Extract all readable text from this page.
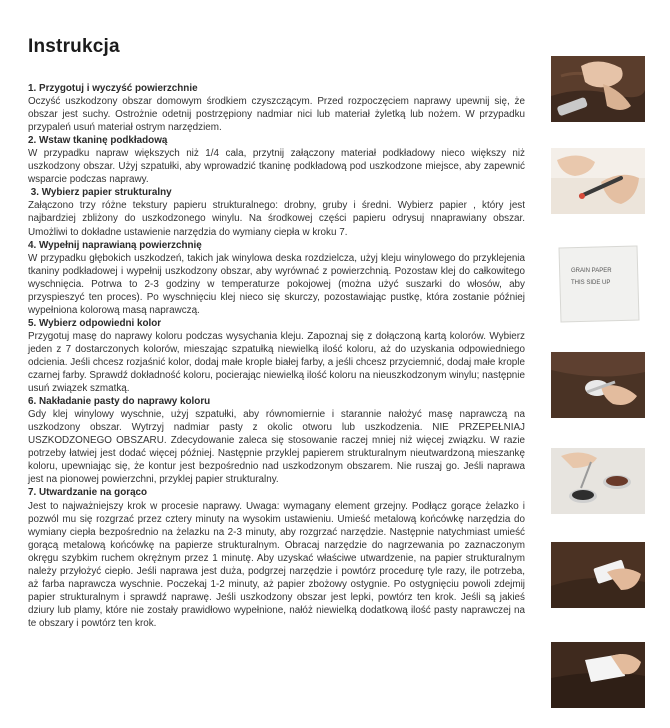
Instrukcja
1. Przygotuj i wyczyść powierzchnie
Oczyść uszkodzony obszar domowym środkiem czyszczącym. Przed rozpoczęciem naprawy upewnij się, że obszar jest suchy. Ostrożnie odetnij postrzępiony nadmiar nici lub materiał żyletką lub nożem. W przypadku przypaleń usuń materiał ostrym narzędziem.
2. Wstaw tkaninę podkładową
W przypadku napraw większych niż 1/4 cala, przytnij załączony materiał podkładowy nieco większy niż uszkodzony obszar. Użyj szpatułki, aby wprowadzić tkaninę podkładową pod uszkodzone miejsce, aby zapewnić wsparcie podczas naprawy.
3. Wybierz papier strukturalny
Załączono trzy różne tekstury papieru strukturalnego: drobny, gruby i średni. Wybierz papier , który jest najbardziej zbliżony do uszkodzonego winylu. Na środkowej części papieru odrysuj nnaprawiany obszar. Umożliwi to dokładne ustawienie narzędzia do wymiany ciepła w kroku 7.
4. Wypełnij naprawianą powierzchnię
W przypadku głębokich uszkodzeń, takich jak winylowa deska rozdzielcza, użyj kleju winylowego do przyklejenia tkaniny podkładowej i wypełnij uszkodzony obszar, aby wyrównać z powierzchnią. Pozostaw klej do całkowitego wyschnięcia. Potrwa to 2-3 godziny w temperaturze pokojowej (można użyć suszarki do włosów, aby przyspieszyć ten proces). Po wyschnięciu klej nieco się skurczy, pozostawiając pustkę, która zostanie później wypełniona kolorową masą naprawczą.
5. Wybierz odpowiedni kolor
Przygotuj masę do naprawy koloru podczas wysychania kleju. Zapoznaj się z dołączoną kartą kolorów. Wybierz jeden z 7 dostarczonych kolorów, mieszając szpatułką niewielką ilość koloru, aż do uzyskania odpowiedniego odcienia. Jeśli chcesz rozjaśnić kolor, dodaj małe krople białej farby, a jeśli chcesz przyciemnić, dodaj małe krople czarnej farby. Sprawdź dokładność koloru, pocierając niewielką ilość koloru na nieuszkodzonym winylu; następnie usuń związek szmatką.
6. Nakładanie pasty do naprawy koloru
Gdy klej winylowy wyschnie, użyj szpatułki, aby równomiernie i starannie nałożyć masę naprawczą na uszkodzony obszar. Wytrzyj nadmiar pasty z okolic otworu lub uszkodzenia. NIE PRZEPEŁNIAJ USZKODZONEGO OBSZARU. Zdecydowanie zaleca się stosowanie raczej mniej niż więcej związku. W razie potrzeby łatwiej jest dodać więcej później. Następnie przyklej papierem strukturalnym nieutwardzoną mieszankę koloru, upewniając się, że kontur jest bezpośrednio nad uszkodzonym obszarem. Nie ruszaj go. Jeśli naprawa jest na pionowej powierzchni, przyklej papier strukturalny.
7. Utwardzanie na gorąco
Jest to najważniejszy krok w procesie naprawy. Uwaga: wymagany element grzejny. Podłącz gorące żelazko i pozwól mu się rozgrzać przez cztery minuty na wysokim ustawieniu. Umieść metalową końcówkę narzędzia do wymiany ciepła bezpośrednio na żelazku na 2-3 minuty, aby rozgrzać narzędzie. Następnie natychmiast umieść gorącą metalową końcówkę na papierze strukturalnym. Obracaj narzędzie do nagrzewania po zaznaczonym okręgu szybkim ruchem okrężnym przez 1 minutę. Aby uzyskać właściwe utwardzenie, na papier strukturalnym należy przyłożyć ciepło. Jeśli naprawa jest duża, podgrzej narzędzie i powtórz procedurę tyle razy, ile potrzeba, aż farba naprawcza wyschnie. Poczekaj 1-2 minuty, aż papier zbożowy ostygnie. Po ostygnięciu powoli zdejmij papier strukturalnym i sprawdź naprawę. Jeśli uszkodzony obszar jest lepki, powtórz ten krok. Jeśli są jakieś dziury lub plamy, które nie zostały prawidłowo wypełnione, nałóż niewielką dodatkową ilość pasty naprawczej na te obszary i powtórz ten krok.
GRAIN PAPER
THIS SIDE UP
